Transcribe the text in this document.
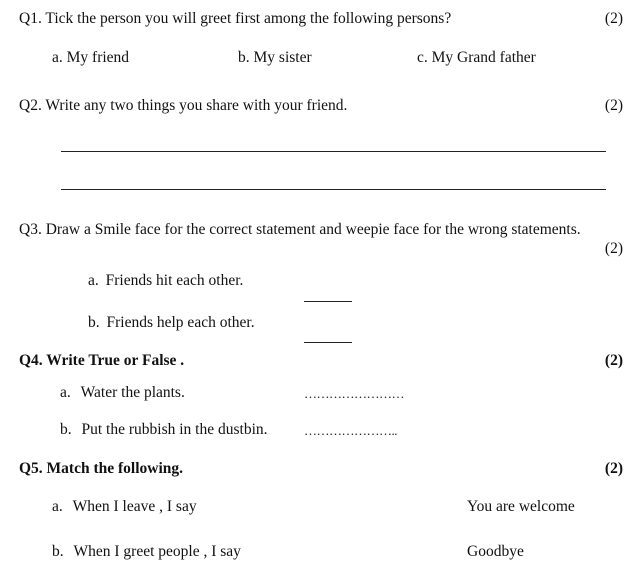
Q1. Tick the person you will greet first among the following persons?	(2)
a. My friend	b. My sister	c. My Grand father
Q2. Write any two things you share with your friend.	(2)
Q3. Draw a Smile face for the correct statement and weepie face for the wrong statements.
(2)
a. Friends hit each other.
b. Friends help each other.
Q4. Write True or False .	(2)
a. Water the plants.	……………………
b. Put the rubbish in the dustbin.	…………………..
Q5. Match the following.	(2)
a. When I leave , I say	You are welcome
b. When I greet people , I say	Goodbye
